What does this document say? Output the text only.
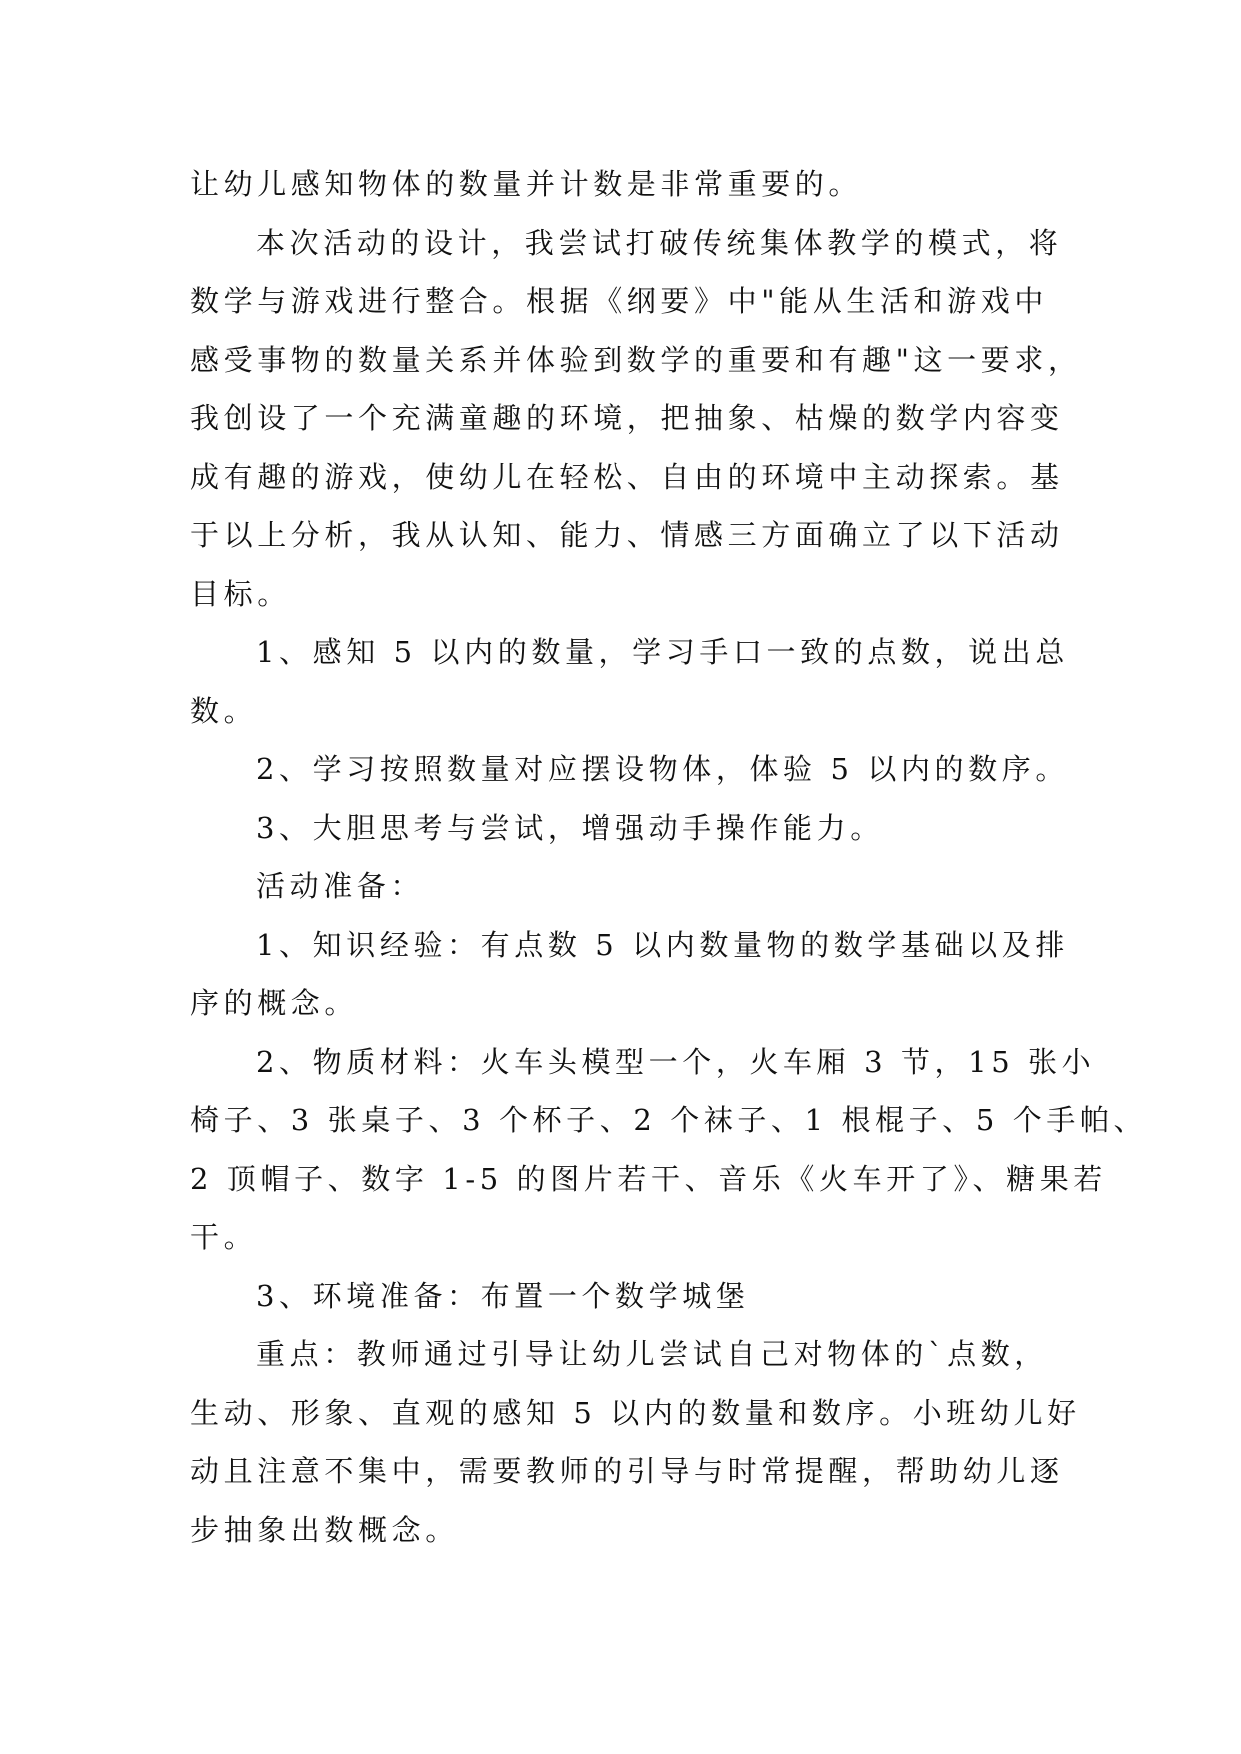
让幼儿感知物体的数量并计数是非常重要的。
本次活动的设计，我尝试打破传统集体教学的模式，将
数学与游戏进行整合。根据《纲要》中"能从生活和游戏中
感受事物的数量关系并体验到数学的重要和有趣"这一要求，
我创设了一个充满童趣的环境，把抽象、枯燥的数学内容变
成有趣的游戏，使幼儿在轻松、自由的环境中主动探索。基
于以上分析，我从认知、能力、情感三方面确立了以下活动
目标。
1、感知 5 以内的数量，学习手口一致的点数，说出总
数。
2、学习按照数量对应摆设物体，体验 5 以内的数序。
3、大胆思考与尝试，增强动手操作能力。
活动准备：
1、知识经验：有点数 5 以内数量物的数学基础以及排
序的概念。
2、物质材料：火车头模型一个，火车厢 3 节，15 张小
椅子、3 张桌子、3 个杯子、2 个袜子、1 根棍子、5 个手帕、
2 顶帽子、数字 1-5 的图片若干、音乐《火车开了》、糖果若
干。
3、环境准备：布置一个数学城堡
重点：教师通过引导让幼儿尝试自己对物体的`点数，
生动、形象、直观的感知 5 以内的数量和数序。小班幼儿好
动且注意不集中，需要教师的引导与时常提醒，帮助幼儿逐
步抽象出数概念。
